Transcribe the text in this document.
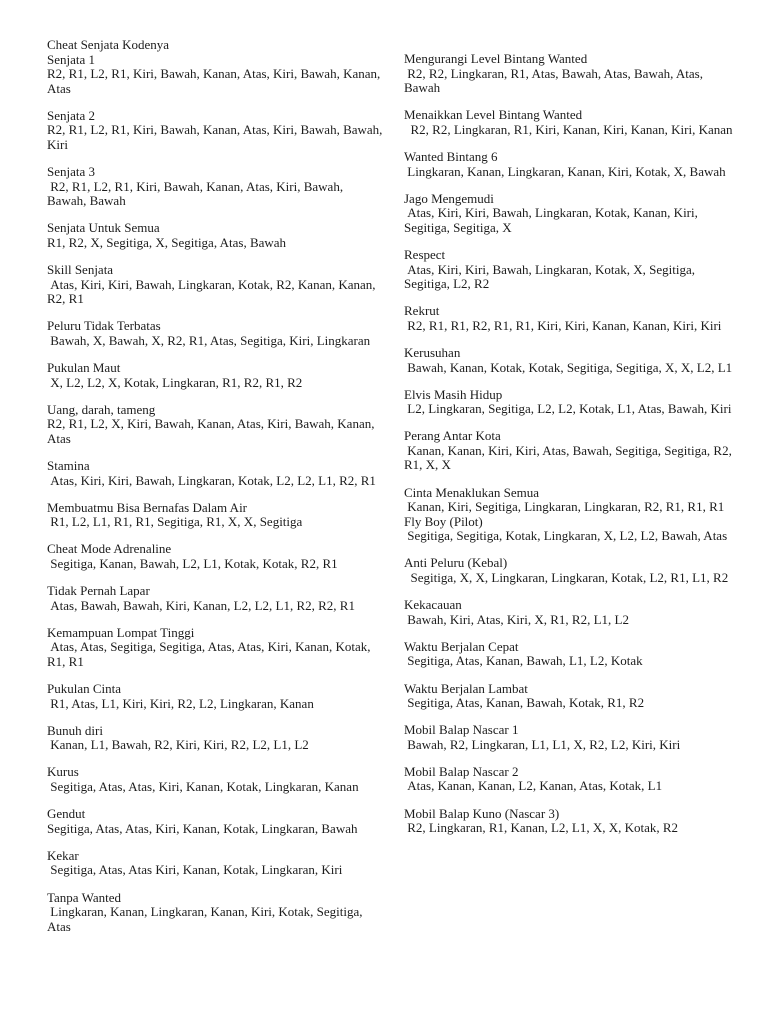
Cheat Senjata Kodenya
Senjata 1
R2, R1, L2, R1, Kiri, Bawah, Kanan, Atas, Kiri, Bawah, Kanan, Atas
Senjata 2
R2, R1, L2, R1, Kiri, Bawah, Kanan, Atas, Kiri, Bawah, Bawah, Kiri
Senjata 3
R2, R1, L2, R1, Kiri, Bawah, Kanan, Atas, Kiri, Bawah, Bawah, Bawah
Senjata Untuk Semua
R1, R2, X, Segitiga, X, Segitiga, Atas, Bawah
Skill Senjata
Atas, Kiri, Kiri, Bawah, Lingkaran, Kotak, R2, Kanan, Kanan, R2, R1
Peluru Tidak Terbatas
Bawah, X, Bawah, X, R2, R1, Atas, Segitiga, Kiri, Lingkaran
Pukulan Maut
X, L2, L2, X, Kotak, Lingkaran, R1, R2, R1, R2
Uang, darah, tameng
R2, R1, L2, X, Kiri, Bawah, Kanan, Atas, Kiri, Bawah, Kanan, Atas
Stamina
Atas, Kiri, Kiri, Bawah, Lingkaran, Kotak, L2, L2, L1, R2, R1
Membuatmu Bisa Bernafas Dalam Air
R1, L2, L1, R1, R1, Segitiga, R1, X, X, Segitiga
Cheat Mode Adrenaline
Segitiga, Kanan, Bawah, L2, L1, Kotak, Kotak, R2, R1
Tidak Pernah Lapar
Atas, Bawah, Bawah, Kiri, Kanan, L2, L2, L1, R2, R2, R1
Kemampuan Lompat Tinggi
Atas, Atas, Segitiga, Segitiga, Atas, Atas, Kiri, Kanan, Kotak, R1, R1
Pukulan Cinta
R1, Atas, L1, Kiri, Kiri, R2, L2, Lingkaran, Kanan
Bunuh diri
Kanan, L1, Bawah, R2, Kiri, Kiri, R2, L2, L1, L2
Kurus
Segitiga, Atas, Atas, Kiri, Kanan, Kotak, Lingkaran, Kanan
Gendut
Segitiga, Atas, Atas, Kiri, Kanan, Kotak, Lingkaran, Bawah
Kekar
Segitiga, Atas, Atas Kiri, Kanan, Kotak, Lingkaran, Kiri
Tanpa Wanted
Lingkaran, Kanan, Lingkaran, Kanan, Kiri, Kotak, Segitiga, Atas
Mengurangi Level Bintang Wanted
R2, R2, Lingkaran, R1, Atas, Bawah, Atas, Bawah, Atas, Bawah
Menaikkan Level Bintang Wanted
R2, R2, Lingkaran, R1, Kiri, Kanan, Kiri, Kanan, Kiri, Kanan
Wanted Bintang 6
Lingkaran, Kanan, Lingkaran, Kanan, Kiri, Kotak, X, Bawah
Jago Mengemudi
Atas, Kiri, Kiri, Bawah, Lingkaran, Kotak, Kanan, Kiri, Segitiga, Segitiga, X
Respect
Atas, Kiri, Kiri, Bawah, Lingkaran, Kotak, X, Segitiga, Segitiga, L2, R2
Rekrut
R2, R1, R1, R2, R1, R1, Kiri, Kiri, Kanan, Kanan, Kiri, Kiri
Kerusuhan
Bawah, Kanan, Kotak, Kotak, Segitiga, Segitiga, X, X, L2, L1
Elvis Masih Hidup
L2, Lingkaran, Segitiga, L2, L2, Kotak, L1, Atas, Bawah, Kiri
Perang Antar Kota
Kanan, Kanan, Kiri, Kiri, Atas, Bawah, Segitiga, Segitiga, R2, R1, X, X
Cinta Menaklukan Semua
Kanan, Kiri, Segitiga, Lingkaran, Lingkaran, R2, R1, R1, R1
Fly Boy (Pilot)
Segitiga, Segitiga, Kotak, Lingkaran, X, L2, L2, Bawah, Atas
Anti Peluru (Kebal)
Segitiga, X, X, Lingkaran, Lingkaran, Kotak, L2, R1, L1, R2
Kekacauan
Bawah, Kiri, Atas, Kiri, X, R1, R2, L1, L2
Waktu Berjalan Cepat
Segitiga, Atas, Kanan, Bawah, L1, L2, Kotak
Waktu Berjalan Lambat
Segitiga, Atas, Kanan, Bawah, Kotak, R1, R2
Mobil Balap Nascar 1
Bawah, R2, Lingkaran, L1, L1, X, R2, L2, Kiri, Kiri
Mobil Balap Nascar 2
Atas, Kanan, Kanan, L2, Kanan, Atas, Kotak, L1
Mobil Balap Kuno (Nascar 3)
R2, Lingkaran, R1, Kanan, L2, L1, X, X, Kotak, R2
